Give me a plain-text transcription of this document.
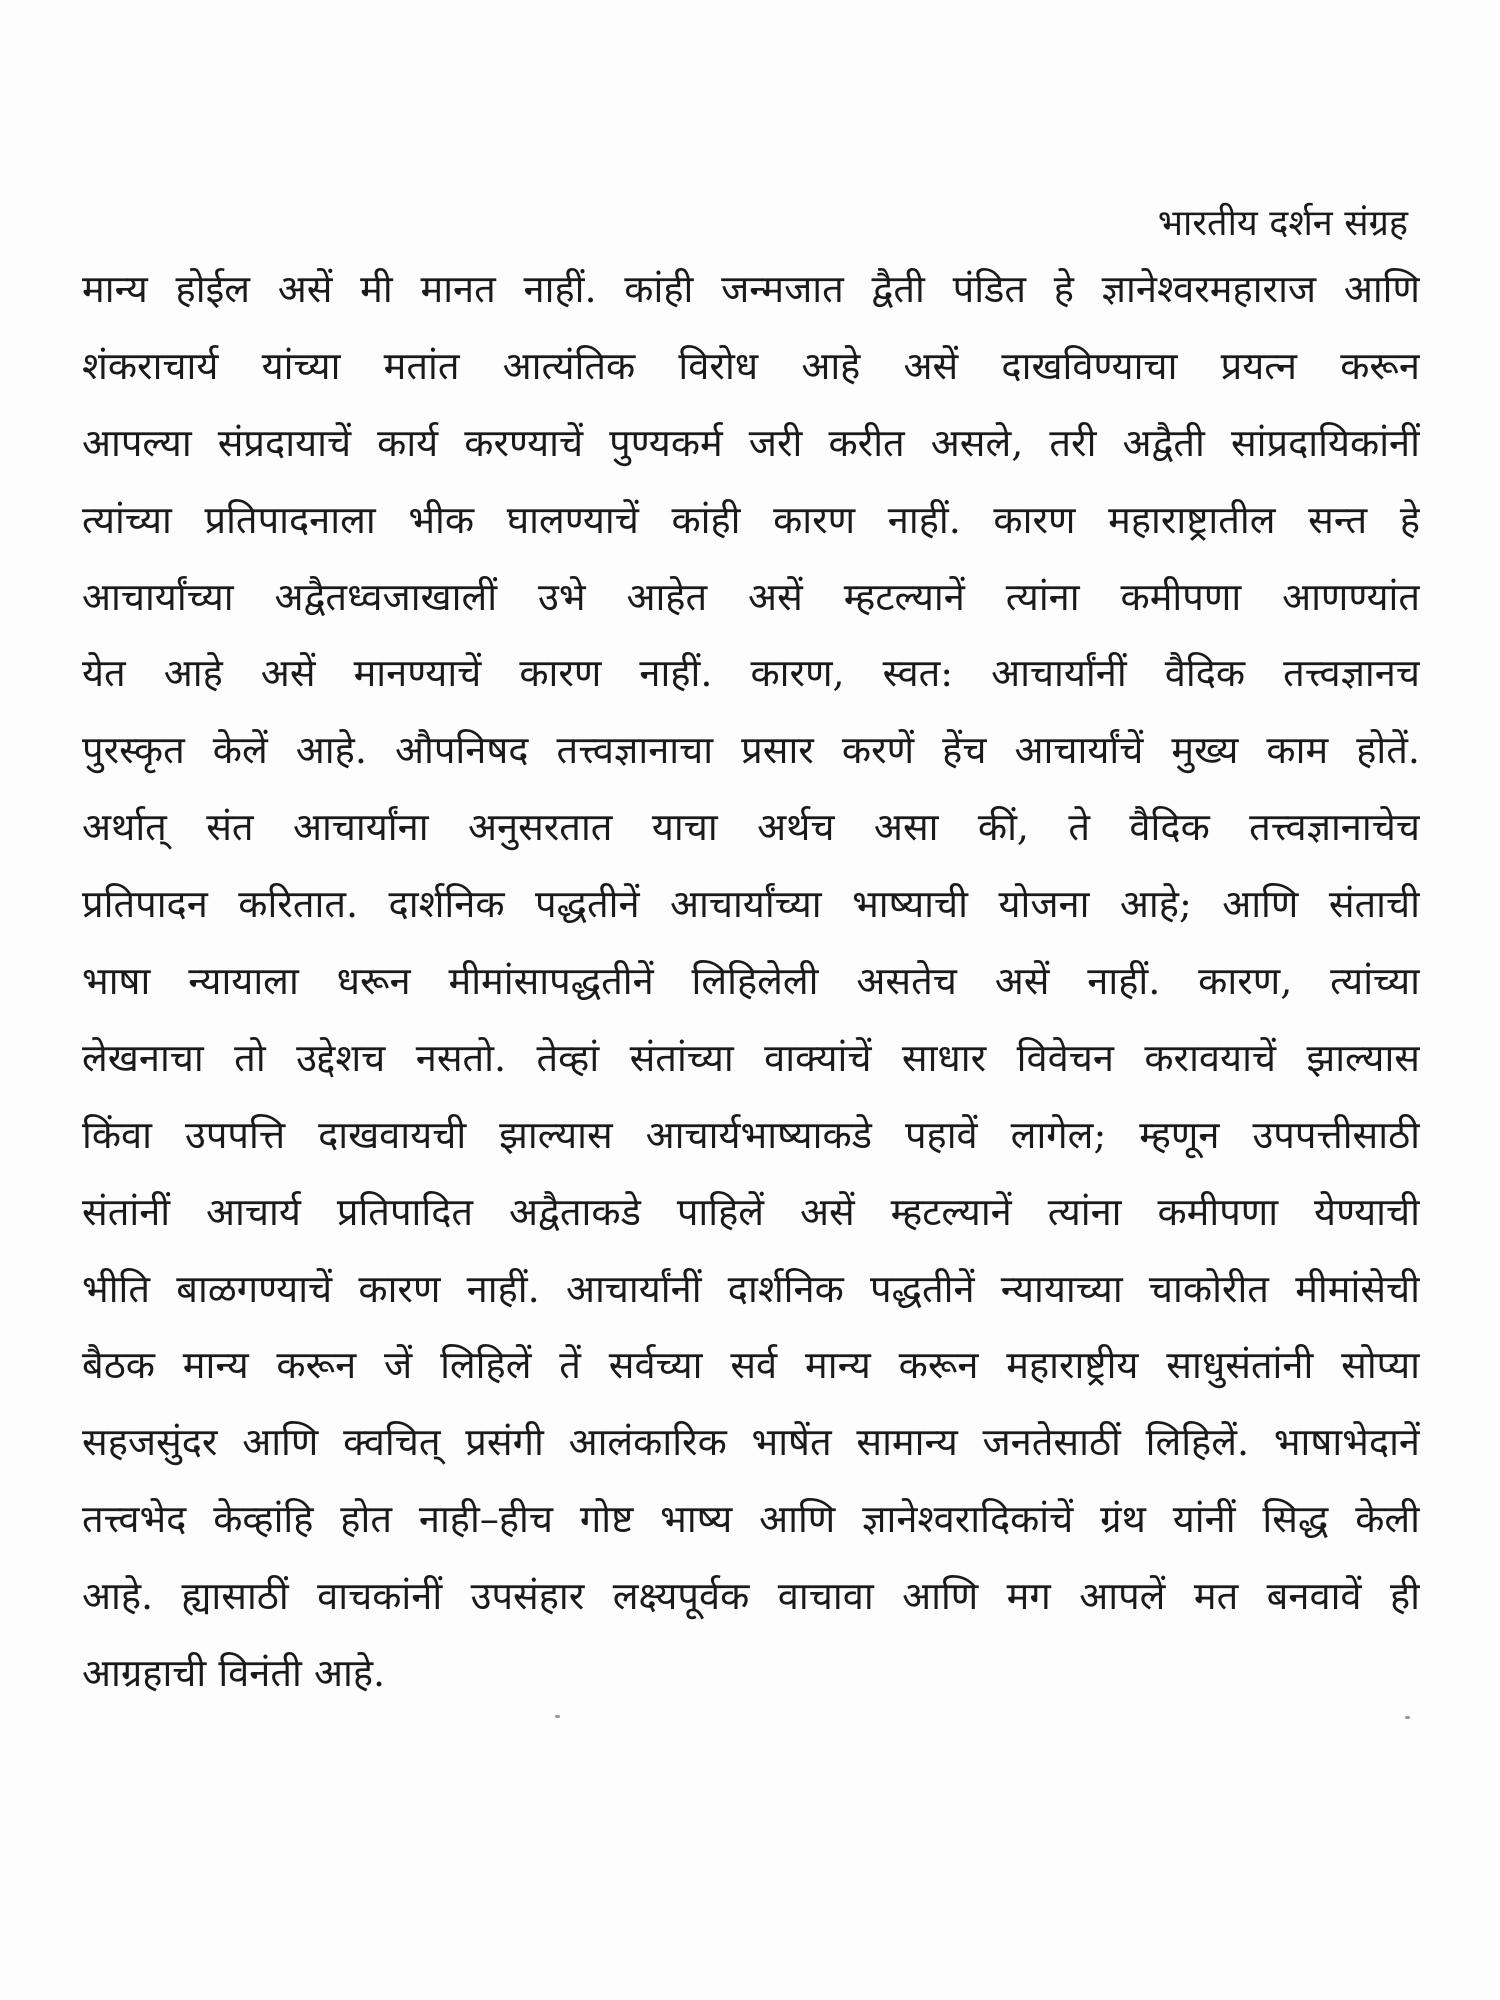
भारतीय दर्शन संग्रह
मान्य होईल असें मी मानत नाहीं. कांही जन्मजात द्वैती पंडित हे ज्ञानेश्वरमहाराज आणि
शंकराचार्य यांच्या मतांत आत्यंतिक विरोध आहे असें दाखविण्याचा प्रयत्न करून
आपल्या संप्रदायाचें कार्य करण्याचें पुण्यकर्म जरी करीत असले, तरी अद्वैती सांप्रदायिकांनीं
त्यांच्या प्रतिपादनाला भीक घालण्याचें कांही कारण नाहीं. कारण महाराष्ट्रातील सन्त हे
आचार्यांच्या अद्वैतध्वजाखालीं उभे आहेत असें म्हटल्यानें त्यांना कमीपणा आणण्यांत
येत आहे असें मानण्याचें कारण नाहीं. कारण, स्वत: आचार्यांनीं वैदिक तत्त्वज्ञानच
पुरस्कृत केलें आहे. औपनिषद तत्त्वज्ञानाचा प्रसार करणें हेंच आचार्यांचें मुख्य काम होतें.
अर्थात् संत आचार्यांना अनुसरतात याचा अर्थच असा कीं, ते वैदिक तत्त्वज्ञानाचेच
प्रतिपादन करितात. दार्शनिक पद्धतीनें आचार्यांच्या भाष्याची योजना आहे; आणि संताची
भाषा न्यायाला धरून मीमांसापद्धतीनें लिहिलेली असतेच असें नाहीं. कारण, त्यांच्या
लेखनाचा तो उद्देशच नसतो. तेव्हां संतांच्या वाक्यांचें साधार विवेचन करावयाचें झाल्यास
किंवा उपपत्ति दाखवायची झाल्यास आचार्यभाष्याकडे पहावें लागेल; म्हणून उपपत्तीसाठी
संतांनीं आचार्य प्रतिपादित अद्वैताकडे पाहिलें असें म्हटल्यानें त्यांना कमीपणा येण्याची
भीति बाळगण्याचें कारण नाहीं. आचार्यांनीं दार्शनिक पद्धतीनें न्यायाच्या चाकोरीत मीमांसेची
बैठक मान्य करून जें लिहिलें तें सर्वच्या सर्व मान्य करून महाराष्ट्रीय साधुसंतांनी सोप्या
सहजसुंदर आणि क्वचित् प्रसंगी आलंकारिक भाषेंत सामान्य जनतेसाठीं लिहिलें. भाषाभेदानें
तत्त्वभेद केव्हांहि होत नाही–हीच गोष्ट भाष्य आणि ज्ञानेश्वरादिकांचें ग्रंथ यांनीं सिद्ध केली
आहे. ह्यासाठीं वाचकांनीं उपसंहार लक्ष्यपूर्वक वाचावा आणि मग आपलें मत बनवावें ही
आग्रहाची विनंती आहे.
